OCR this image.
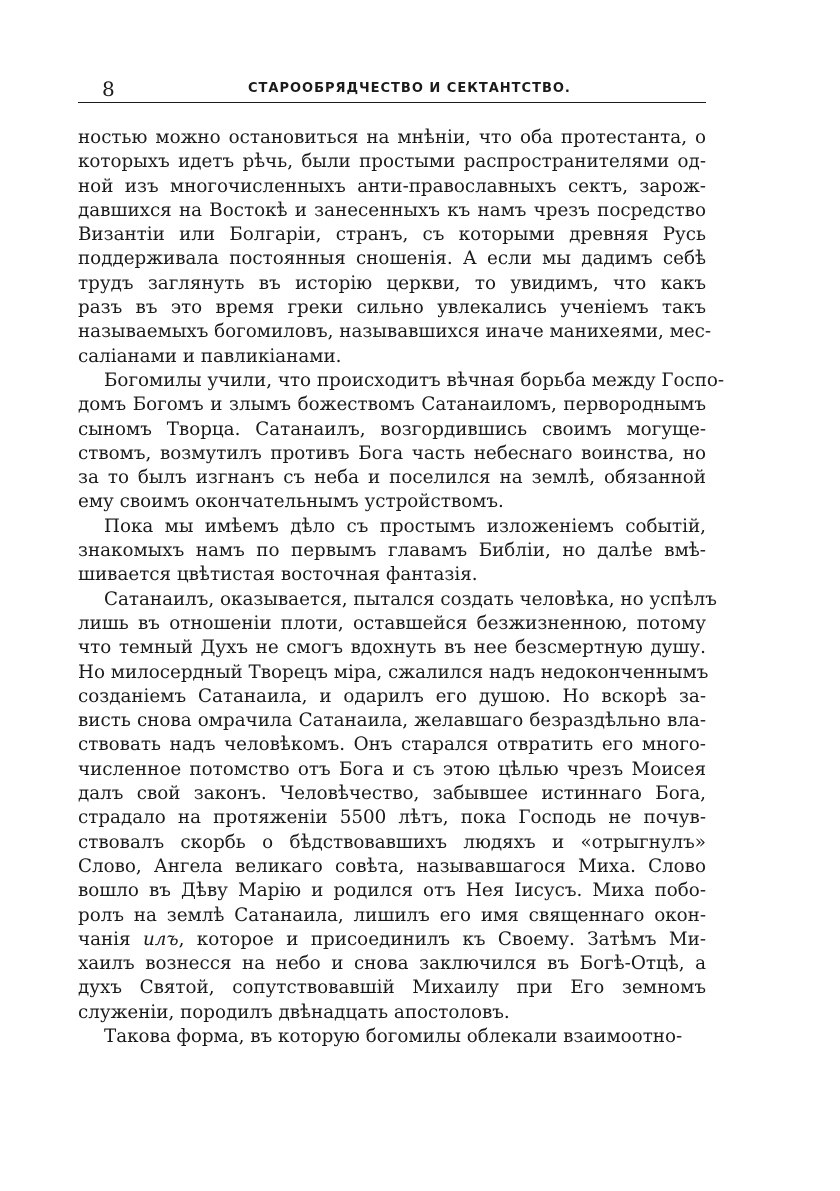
8	СТАРООБРЯДЧЕСТВО И СЕКТАНТСТВО.
ностью можно остановиться на мнѣніи, что оба протестанта, о
которыхъ идетъ рѣчь, были простыми распространителями од-
ной изъ многочисленныхъ анти-православныхъ сектъ, зарож-
давшихся на Востокѣ и занесенныхъ къ намъ чрезъ посредство
Византіи или Болгаріи, странъ, съ которыми древняя Русь
поддерживала постоянныя сношенія. А если мы дадимъ себѣ
трудъ заглянуть въ исторію церкви, то увидимъ, что какъ
разъ въ это время греки сильно увлекались ученіемъ такъ
называемыхъ богомиловъ, называвшихся иначе манихеями, мес-
саліанами и павликіанами.
Богомилы учили, что происходитъ вѣчная борьба между Госпо-
домъ Богомъ и злымъ божествомъ Сатанаиломъ, первороднымъ
сыномъ Творца. Сатанаилъ, возгордившись своимъ могуще-
ствомъ, возмутилъ противъ Бога часть небеснаго воинства, но
за то былъ изгнанъ съ неба и поселился на землѣ, обязанной
ему своимъ окончательнымъ устройствомъ.
Пока мы имѣемъ дѣло съ простымъ изложеніемъ событій,
знакомыхъ намъ по первымъ главамъ Библіи, но далѣе вмѣ-
шивается цвѣтистая восточная фантазія.
Сатанаилъ, оказывается, пытался создать человѣка, но успѣлъ
лишь въ отношеніи плоти, оставшейся безжизненною, потому
что темный Духъ не смогъ вдохнуть въ нее безсмертную душу.
Но милосердный Творецъ міра, сжалился надъ недоконченнымъ
созданіемъ Сатанаила, и одарилъ его душою. Но вскорѣ за-
висть снова омрачила Сатанаила, желавшаго безраздѣльно вла-
ствовать надъ человѣкомъ. Онъ старался отвратить его много-
численное потомство отъ Бога и съ этою цѣлью чрезъ Моисея
далъ свой законъ. Человѣчество, забывшее истиннаго Бога,
страдало на протяженіи 5500 лѣтъ, пока Господь не почув-
ствовалъ скорбь о бѣдствовавшихъ людяхъ и «отрыгнулъ»
Слово, Ангела великаго совѣта, называвшагося Миха. Слово
вошло въ Дѣву Марію и родился отъ Нея Іисусъ. Миха побо-
ролъ на землѣ Сатанаила, лишилъ его имя священнаго окон-
чанія илъ, которое и присоединилъ къ Своему. Затѣмъ Ми-
хаилъ вознесся на небо и снова заключился въ Богѣ-Отцѣ, а
духъ Святой, сопутствовавшій Михаилу при Его земномъ
служеніи, породилъ двѣнадцать апостоловъ.
Такова форма, въ которую богомилы облекали взаимоотно-
